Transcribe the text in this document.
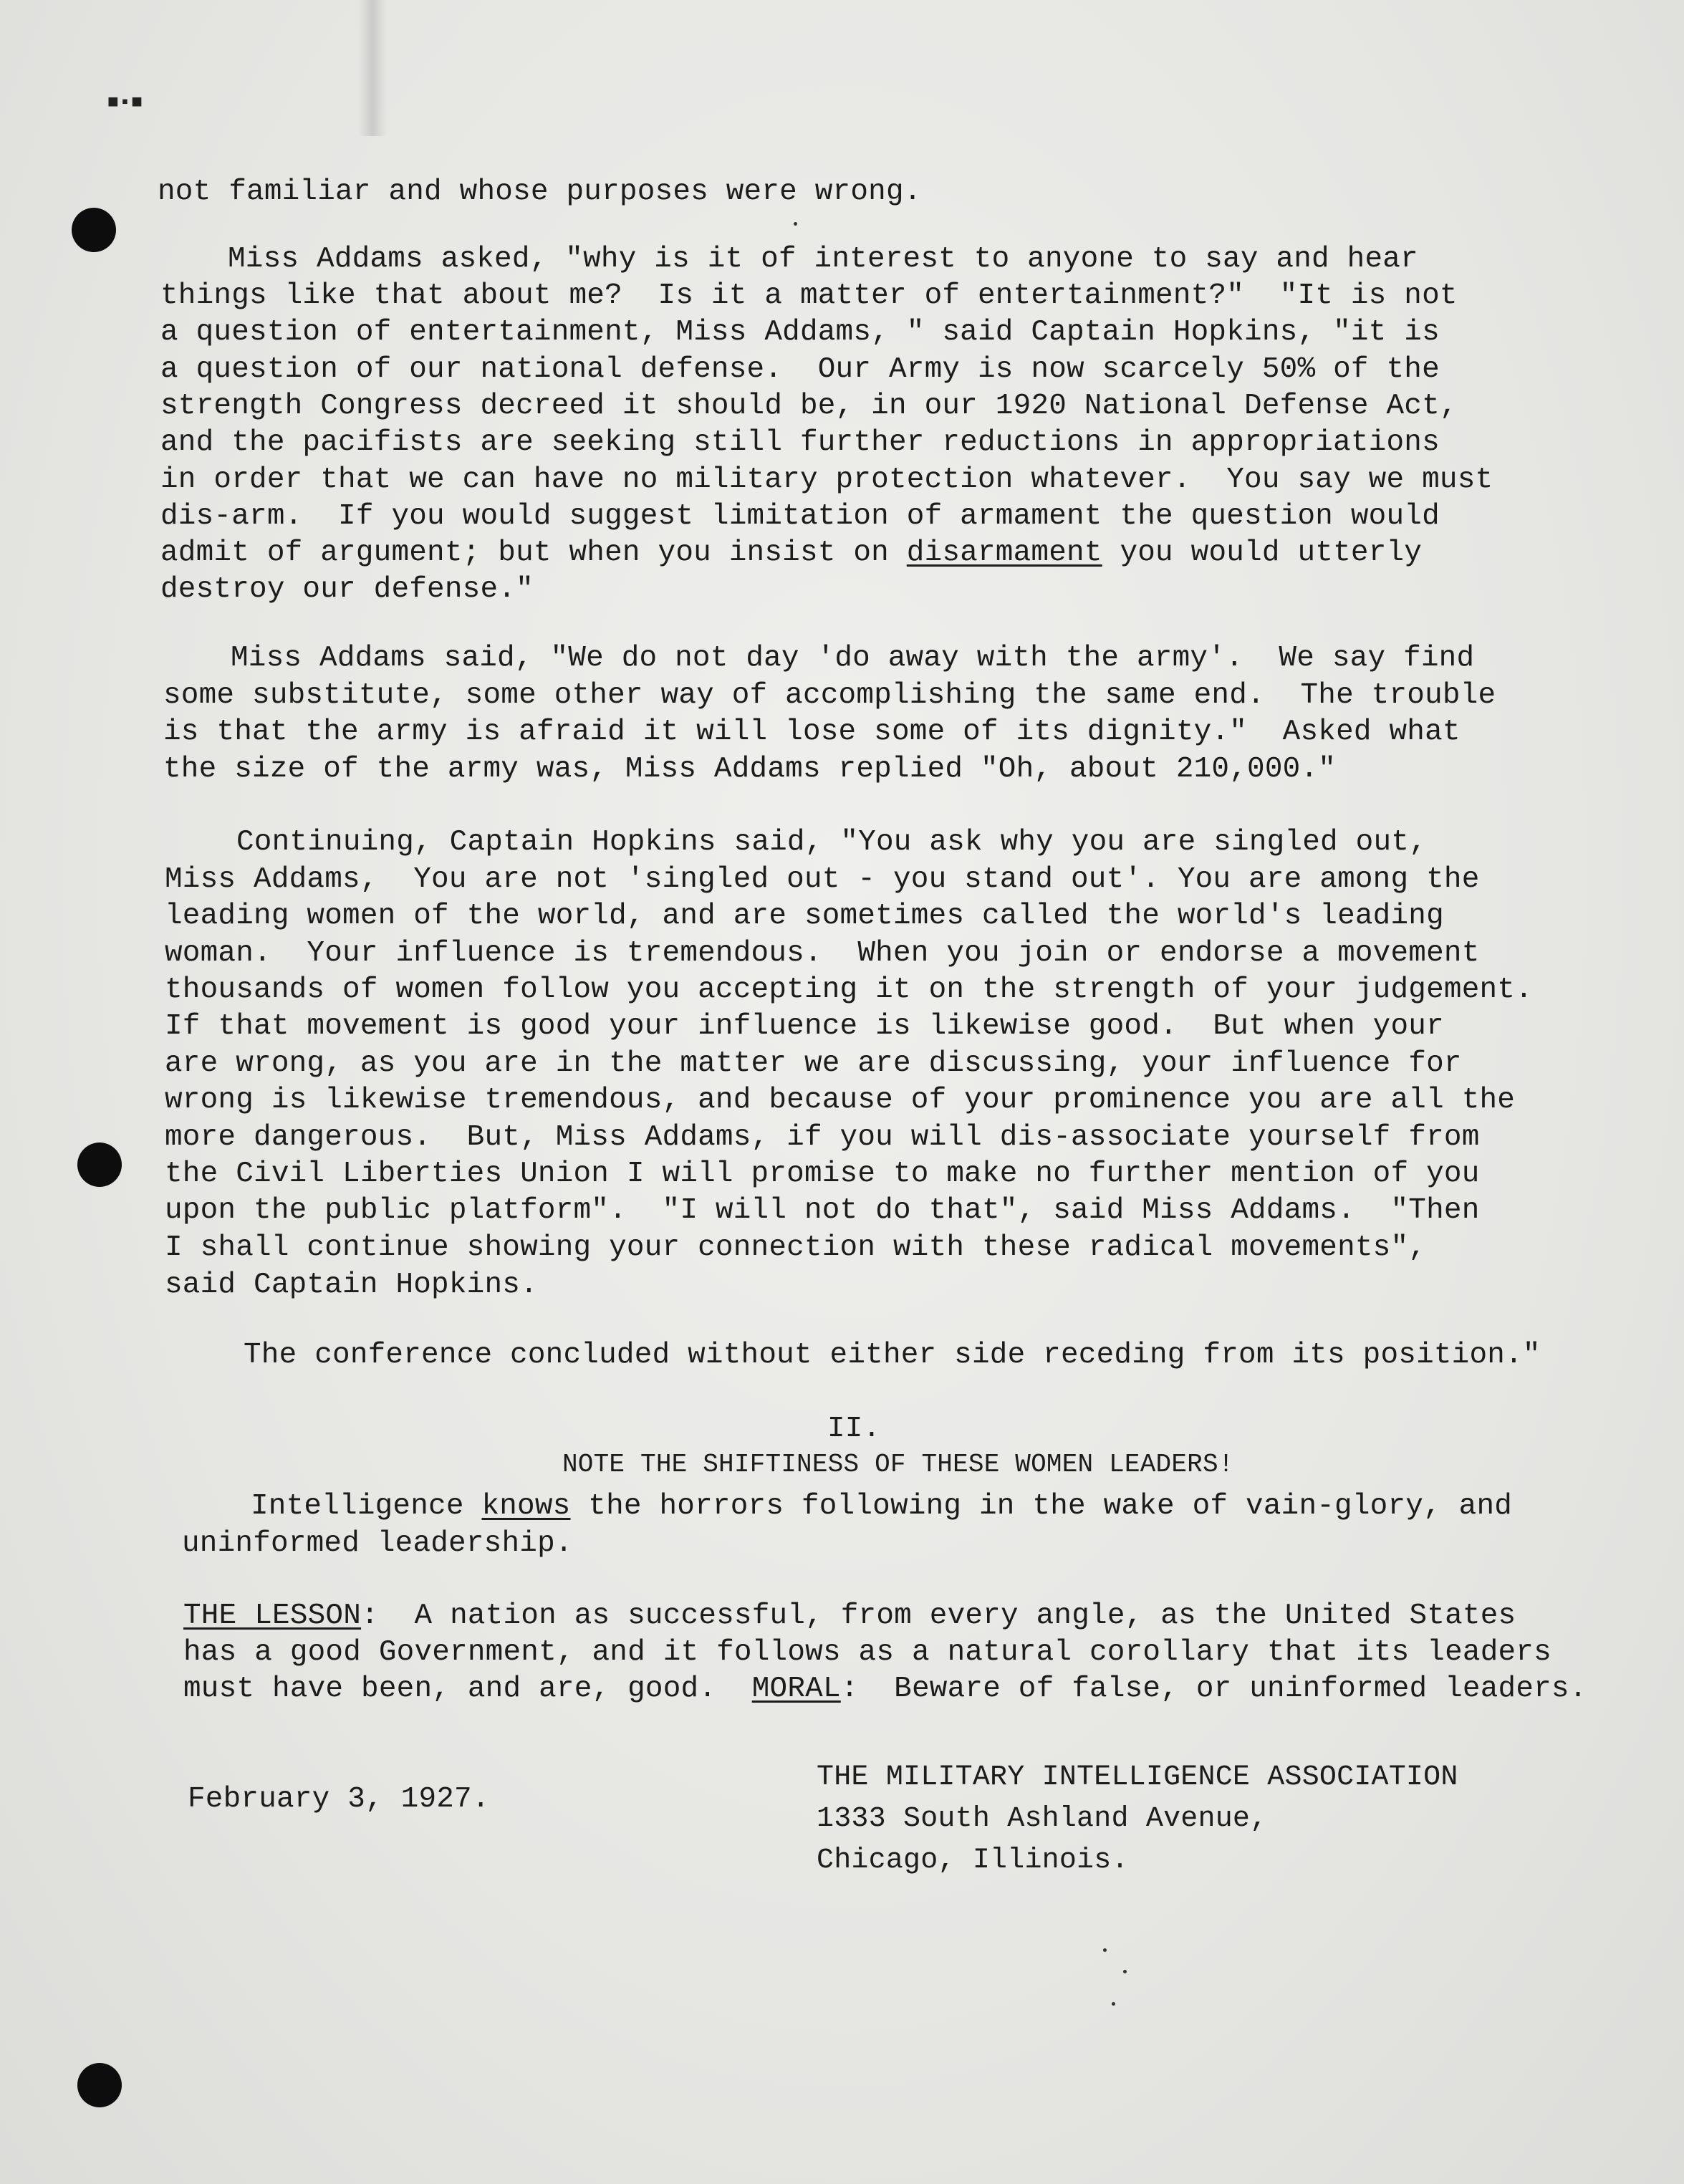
■▪■
not familiar and whose purposes were wrong.
Miss Addams asked, "why is it of interest to anyone to say and hear
things like that about me?  Is it a matter of entertainment?"  "It is not
a question of entertainment, Miss Addams, " said Captain Hopkins, "it is
a question of our national defense.  Our Army is now scarcely 50% of the
strength Congress decreed it should be, in our 1920 National Defense Act,
and the pacifists are seeking still further reductions in appropriations
in order that we can have no military protection whatever.  You say we must
dis-arm.  If you would suggest limitation of armament the question would
admit of argument; but when you insist on disarmament you would utterly
destroy our defense."
Miss Addams said, "We do not day 'do away with the army'.  We say find
some substitute, some other way of accomplishing the same end.  The trouble
is that the army is afraid it will lose some of its dignity."  Asked what
the size of the army was, Miss Addams replied "Oh, about 210,000."
Continuing, Captain Hopkins said, "You ask why you are singled out,
Miss Addams,  You are not 'singled out - you stand out'. You are among the
leading women of the world, and are sometimes called the world's leading
woman.  Your influence is tremendous.  When you join or endorse a movement
thousands of women follow you accepting it on the strength of your judgement.
If that movement is good your influence is likewise good.  But when your
are wrong, as you are in the matter we are discussing, your influence for
wrong is likewise tremendous, and because of your prominence you are all the
more dangerous.  But, Miss Addams, if you will dis-associate yourself from
the Civil Liberties Union I will promise to make no further mention of you
upon the public platform".  "I will not do that", said Miss Addams.  "Then
I shall continue showing your connection with these radical movements",
said Captain Hopkins.
The conference concluded without either side receding from its position."
II.
NOTE THE SHIFTINESS OF THESE WOMEN LEADERS!
Intelligence knows the horrors following in the wake of vain-glory, and
uninformed leadership.
THE LESSON:  A nation as successful, from every angle, as the United States
has a good Government, and it follows as a natural corollary that its leaders
must have been, and are, good.  MORAL:  Beware of false, or uninformed leaders.
February 3, 1927.
THE MILITARY INTELLIGENCE ASSOCIATION
1333 South Ashland Avenue,
Chicago, Illinois.
